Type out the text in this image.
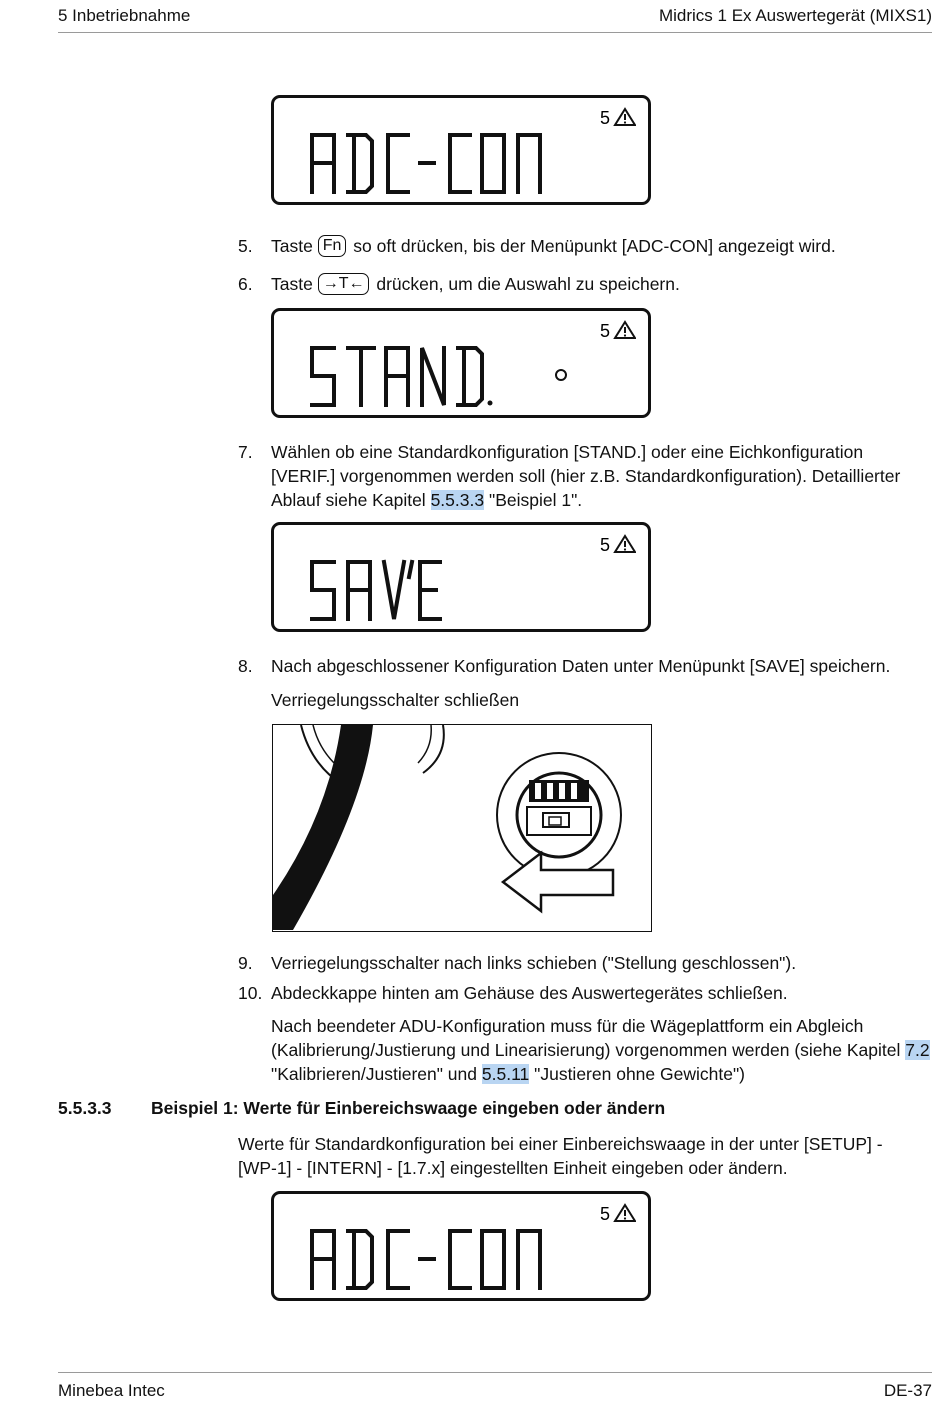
5 Inbetriebnahme	Midrics 1 Ex Auswertegerät (MIXS1)
5.	Taste Fn so oft drücken, bis der Menüpunkt [ADC-CON] angezeigt wird.
6.	Taste →T← drücken, um die Auswahl zu speichern.
7.	Wählen ob eine Standardkonfiguration [STAND.] oder eine Eichkonfiguration [VERIF.] vorgenommen werden soll (hier z.B. Standardkonfiguration). Detaillierter Ablauf siehe Kapitel 5.5.3.3 "Beispiel 1".
8.	Nach abgeschlossener Konfiguration Daten unter Menüpunkt [SAVE] speichern.
Verriegelungsschalter schließen
9.	Verriegelungsschalter nach links schieben ("Stellung geschlossen").
10. Abdeckkappe hinten am Gehäuse des Auswertegerätes schließen.
Nach beendeter ADU-Konfiguration muss für die Wägeplattform ein Abgleich (Kalibrierung/Justierung und Linearisierung) vorgenommen werden (siehe Kapitel 7.2 "Kalibrieren/Justieren" und 5.5.11 "Justieren ohne Gewichte")
5.5.3.3 Beispiel 1: Werte für Einbereichswaage eingeben oder ändern
Werte für Standardkonfiguration bei einer Einbereichswaage in der unter [SETUP] - [WP-1] - [INTERN] - [1.7.x] eingestellten Einheit eingeben oder ändern.
Minebea Intec	DE-37
